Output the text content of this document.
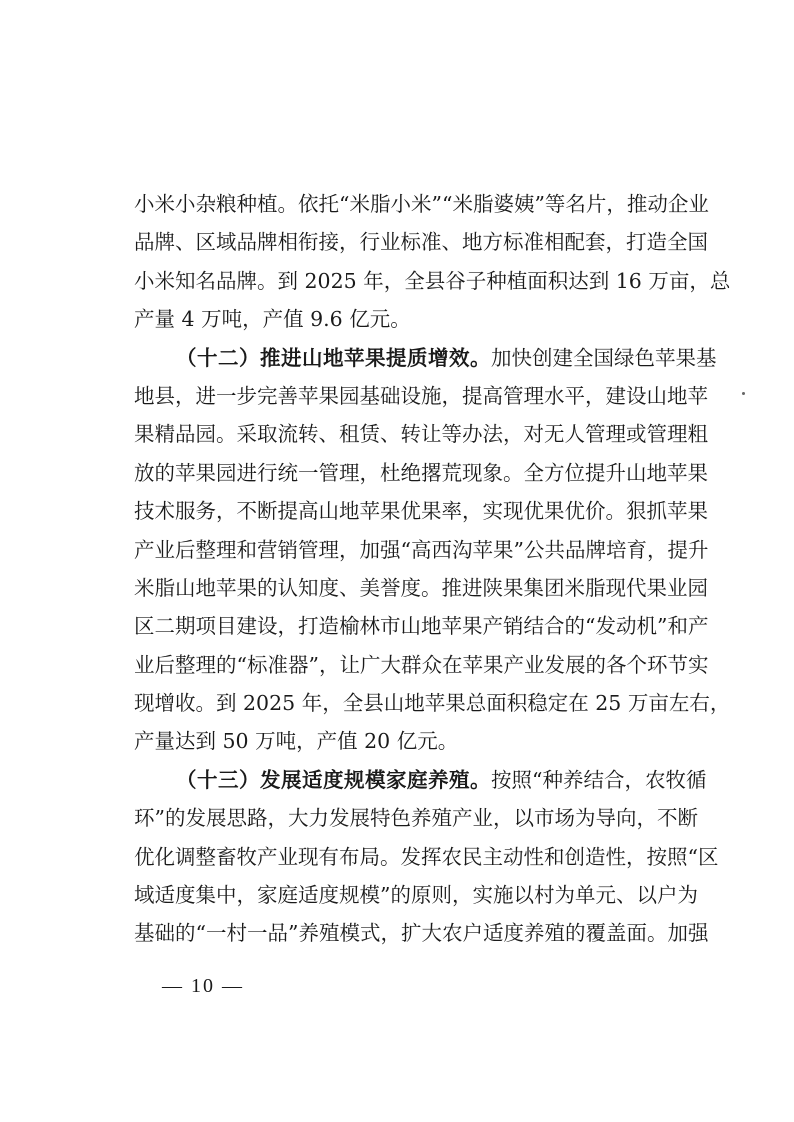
小米小杂粮种植。依托“米脂小米”“米脂婆姨”等名片，推动企业
品牌、区域品牌相衔接，行业标准、地方标准相配套，打造全国
小米知名品牌。到 2025 年，全县谷子种植面积达到 16 万亩，总
产量 4 万吨，产值 9.6 亿元。
（十二）推进山地苹果提质增效。加快创建全国绿色苹果基
地县，进一步完善苹果园基础设施，提高管理水平，建设山地苹
果精品园。采取流转、租赁、转让等办法，对无人管理或管理粗
放的苹果园进行统一管理，杜绝撂荒现象。全方位提升山地苹果
技术服务，不断提高山地苹果优果率，实现优果优价。狠抓苹果
产业后整理和营销管理，加强“高西沟苹果”公共品牌培育，提升
米脂山地苹果的认知度、美誉度。推进陕果集团米脂现代果业园
区二期项目建设，打造榆林市山地苹果产销结合的“发动机”和产
业后整理的“标准器”，让广大群众在苹果产业发展的各个环节实
现增收。到 2025 年，全县山地苹果总面积稳定在 25 万亩左右，
产量达到 50 万吨，产值 20 亿元。
（十三）发展适度规模家庭养殖。按照“种养结合，农牧循
环”的发展思路，大力发展特色养殖产业，以市场为导向，不断
优化调整畜牧产业现有布局。发挥农民主动性和创造性，按照“区
域适度集中，家庭适度规模”的原则，实施以村为单元、以户为
基础的“一村一品”养殖模式，扩大农户适度养殖的覆盖面。加强
— 10 —
